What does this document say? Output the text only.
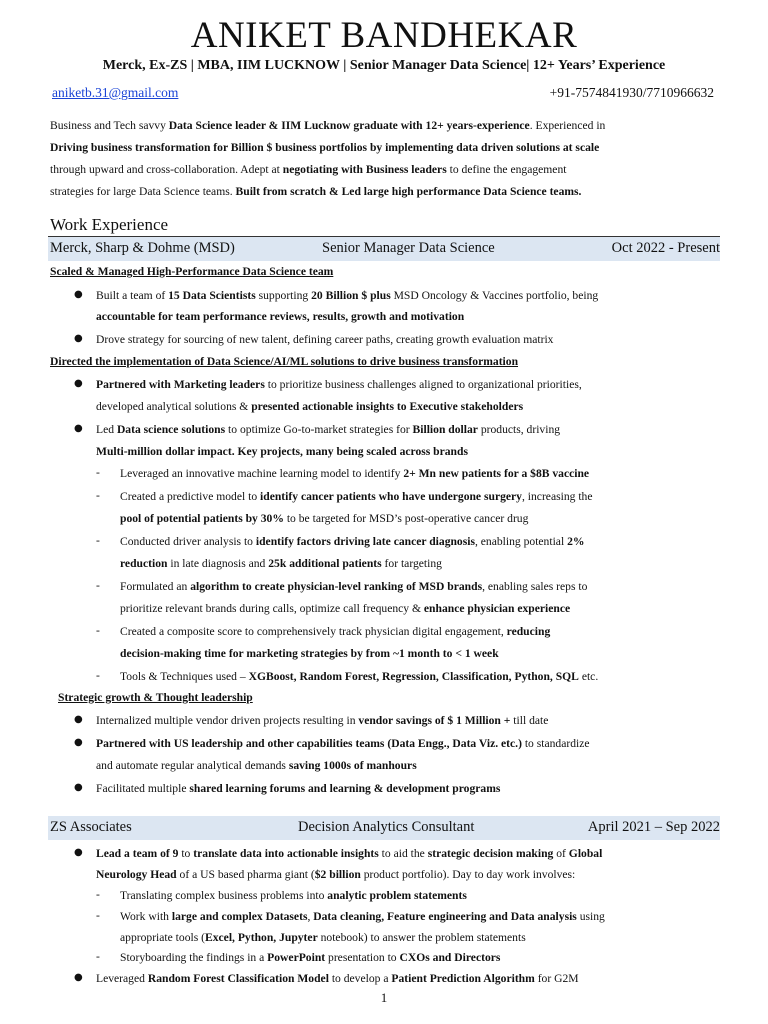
ANIKET BANDHEKAR
Merck, Ex-ZS | MBA, IIM LUCKNOW | Senior Manager Data Science| 12+ Years’ Experience
aniketb.31@gmail.com	+91-7574841930/7710966632
Business and Tech savvy Data Science leader & IIM Lucknow graduate with 12+ years-experience. Experienced in
Driving business transformation for Billion $ business portfolios by implementing data driven solutions at scale
through upward and cross-collaboration. Adept at negotiating with Business leaders to define the engagement
strategies for large Data Science teams. Built from scratch & Led large high performance Data Science teams.
Work Experience
Merck, Sharp & Dohme (MSD)	Senior Manager Data Science	Oct 2022 - Present
Scaled & Managed High-Performance Data Science team
● Built a team of 15 Data Scientists supporting 20 Billion $ plus MSD Oncology & Vaccines portfolio, being
accountable for team performance reviews, results, growth and motivation
● Drove strategy for sourcing of new talent, defining career paths, creating growth evaluation matrix
Directed the implementation of Data Science/AI/ML solutions to drive business transformation
● Partnered with Marketing leaders to prioritize business challenges aligned to organizational priorities,
developed analytical solutions & presented actionable insights to Executive stakeholders
● Led Data science solutions to optimize Go-to-market strategies for Billion dollar products, driving
Multi-million dollar impact. Key projects, many being scaled across brands
- Leveraged an innovative machine learning model to identify 2+ Mn new patients for a $8B vaccine
- Created a predictive model to identify cancer patients who have undergone surgery, increasing the
pool of potential patients by 30% to be targeted for MSD’s post-operative cancer drug
- Conducted driver analysis to identify factors driving late cancer diagnosis, enabling potential 2%
reduction in late diagnosis and 25k additional patients for targeting
- Formulated an algorithm to create physician-level ranking of MSD brands, enabling sales reps to
prioritize relevant brands during calls, optimize call frequency & enhance physician experience
- Created a composite score to comprehensively track physician digital engagement, reducing
decision-making time for marketing strategies by from ~1 month to < 1 week
- Tools & Techniques used – XGBoost, Random Forest, Regression, Classification, Python, SQL etc.
Strategic growth & Thought leadership
● Internalized multiple vendor driven projects resulting in vendor savings of $ 1 Million + till date
● Partnered with US leadership and other capabilities teams (Data Engg., Data Viz. etc.) to standardize
and automate regular analytical demands saving 1000s of manhours
● Facilitated multiple shared learning forums and learning & development programs
ZS Associates	Decision Analytics Consultant	April 2021 – Sep 2022
● Lead a team of 9 to translate data into actionable insights to aid the strategic decision making of Global
Neurology Head of a US based pharma giant ($2 billion product portfolio). Day to day work involves:
- Translating complex business problems into analytic problem statements
- Work with large and complex Datasets, Data cleaning, Feature engineering and Data analysis using
appropriate tools (Excel, Python, Jupyter notebook) to answer the problem statements
- Storyboarding the findings in a PowerPoint presentation to CXOs and Directors
● Leveraged Random Forest Classification Model to develop a Patient Prediction Algorithm for G2M
1
